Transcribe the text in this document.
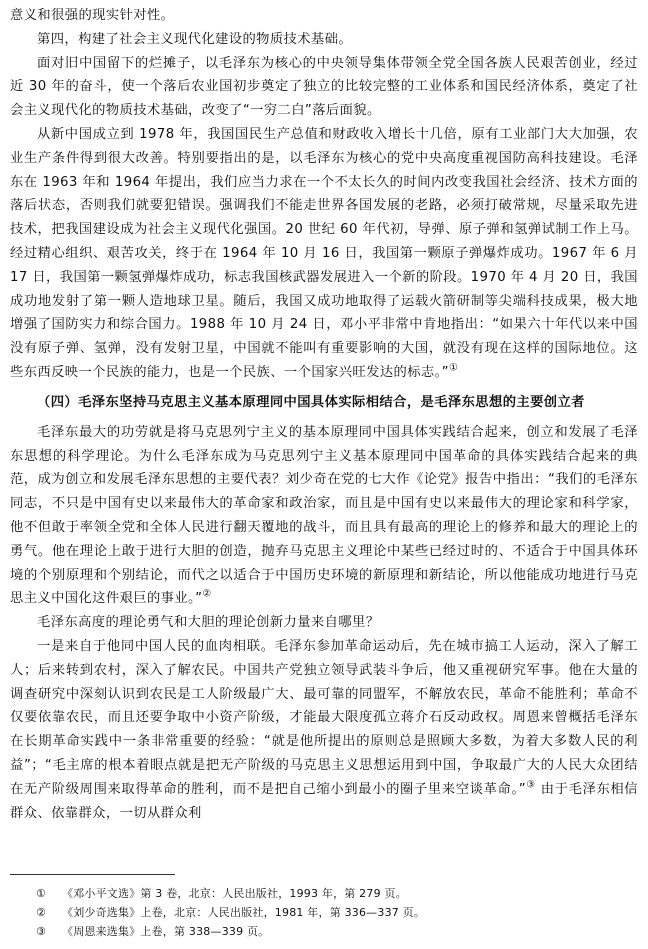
意义和很强的现实针对性。

第四，构建了社会主义现代化建设的物质技术基础。

面对旧中国留下的烂摊子，以毛泽东为核心的中央领导集体带领全党全国各族人民艰苦创业，经过近 30 年的奋斗，使一个落后农业国初步奠定了独立的比较完整的工业体系和国民经济体系，奠定了社会主义现代化的物质技术基础，改变了“一穷二白”落后面貌。

从新中国成立到 1978 年，我国国民生产总值和财政收入增长十几倍，原有工业部门大大加强，农业生产条件得到很大改善。特别要指出的是，以毛泽东为核心的党中央高度重视国防高科技建设。毛泽东在 1963 年和 1964 年提出，我们应当力求在一个不太长久的时间内改变我国社会经济、技术方面的落后状态，否则我们就要犯错误。强调我们不能走世界各国发展的老路，必须打破常规，尽量采取先进技术，把我国建设成为社会主义现代化强国。20 世纪 60 年代初，导弹、原子弹和氢弹试制工作上马。经过精心组织、艰苦攻关，终于在 1964 年 10 月 16 日，我国第一颗原子弹爆炸成功。1967 年 6 月 17 日，我国第一颗氢弹爆炸成功，标志我国核武器发展进入一个新的阶段。1970 年 4 月 20 日，我国成功地发射了第一颗人造地球卫星。随后，我国又成功地取得了运载火箭研制等尖端科技成果，极大地增强了国防实力和综合国力。1988 年 10 月 24 日，邓小平非常中肯地指出：“如果六十年代以来中国没有原子弹、氢弹，没有发射卫星，中国就不能叫有重要影响的大国，就没有现在这样的国际地位。这些东西反映一个民族的能力，也是一个民族、一个国家兴旺发达的标志。”①

（四）毛泽东坚持马克思主义基本原理同中国具体实际相结合，是毛泽东思想的主要创立者

毛泽东最大的功劳就是将马克思列宁主义的基本原理同中国具体实践结合起来，创立和发展了毛泽东思想的科学理论。为什么毛泽东成为马克思列宁主义基本原理同中国革命的具体实践结合起来的典范，成为创立和发展毛泽东思想的主要代表？刘少奇在党的七大作《论党》报告中指出：“我们的毛泽东同志，不只是中国有史以来最伟大的革命家和政治家，而且是中国有史以来最伟大的理论家和科学家，他不但敢于率领全党和全体人民进行翻天覆地的战斗，而且具有最高的理论上的修养和最大的理论上的勇气。他在理论上敢于进行大胆的创造，抛弃马克思主义理论中某些已经过时的、不适合于中国具体环境的个别原理和个别结论，而代之以适合于中国历史环境的新原理和新结论，所以他能成功地进行马克思主义中国化这件艰巨的事业。”②

毛泽东高度的理论勇气和大胆的理论创新力量来自哪里？

一是来自于他同中国人民的血肉相联。毛泽东参加革命运动后，先在城市搞工人运动，深入了解工人；后来转到农村，深入了解农民。中国共产党独立领导武装斗争后，他又重视研究军事。他在大量的调查研究中深刻认识到农民是工人阶级最广大、最可靠的同盟军，不解放农民，革命不能胜利；革命不仅要依靠农民，而且还要争取中小资产阶级，才能最大限度孤立蒋介石反动政权。周恩来曾概括毛泽东在长期革命实践中一条非常重要的经验：“就是他所提出的原则总是照顾大多数，为着大多数人民的利益”；“毛主席的根本着眼点就是把无产阶级的马克思主义思想运用到中国，争取最广大的人民大众团结在无产阶级周围来取得革命的胜利，而不是把自己缩小到最小的圈子里来空谈革命。”③ 由于毛泽东相信群众、依靠群众，一切从群众利

① 《邓小平文选》第 3 卷，北京：人民出版社，1993 年，第 279 页。
② 《刘少奇选集》上卷，北京：人民出版社，1981 年，第 336—337 页。
③ 《周恩来选集》上卷，第 338—339 页。
